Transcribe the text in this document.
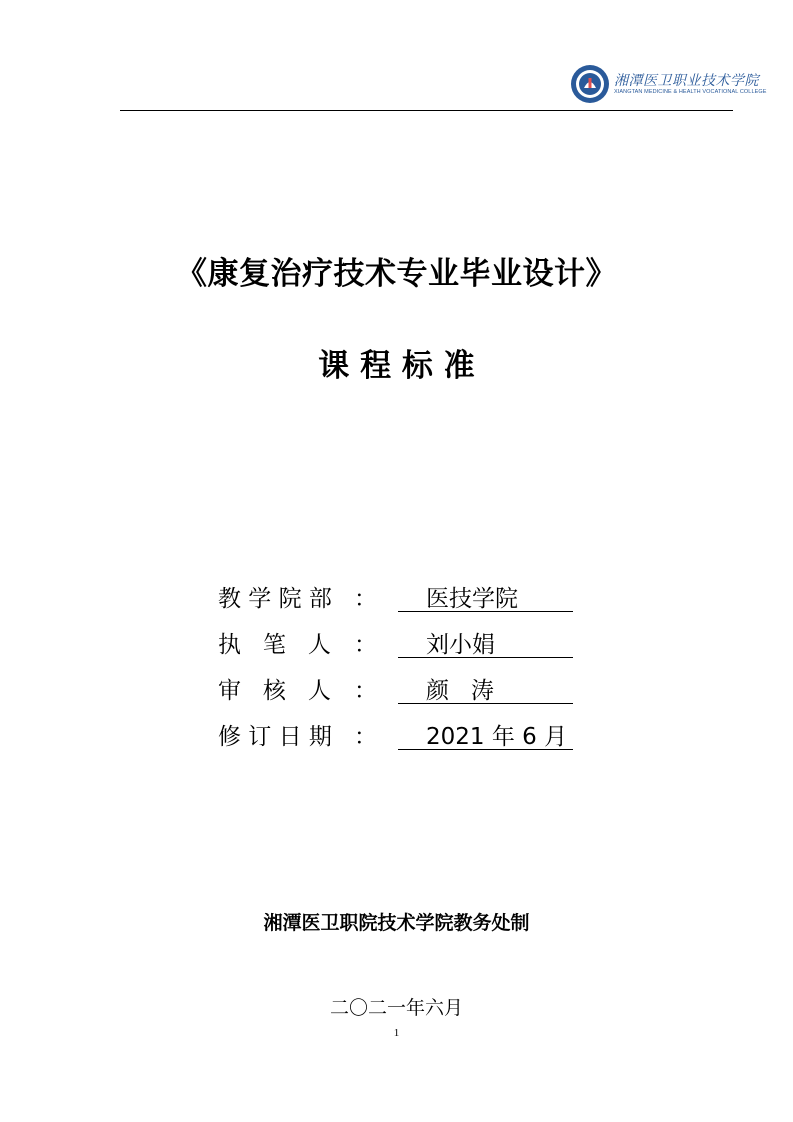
湘潭医卫职业技术学院
XIANGTAN MEDICINE & HEALTH VOCATIONAL COLLEGE
《康复治疗技术专业毕业设计》
课 程 标 准
教 学 院 部 ： 医技学院
执   笔   人 ： 刘小娟
审   核   人 ： 颜   涛
修 订 日 期 ： 2021 年 6 月
湘潭医卫职院技术学院教务处制
二〇二一年六月
1
